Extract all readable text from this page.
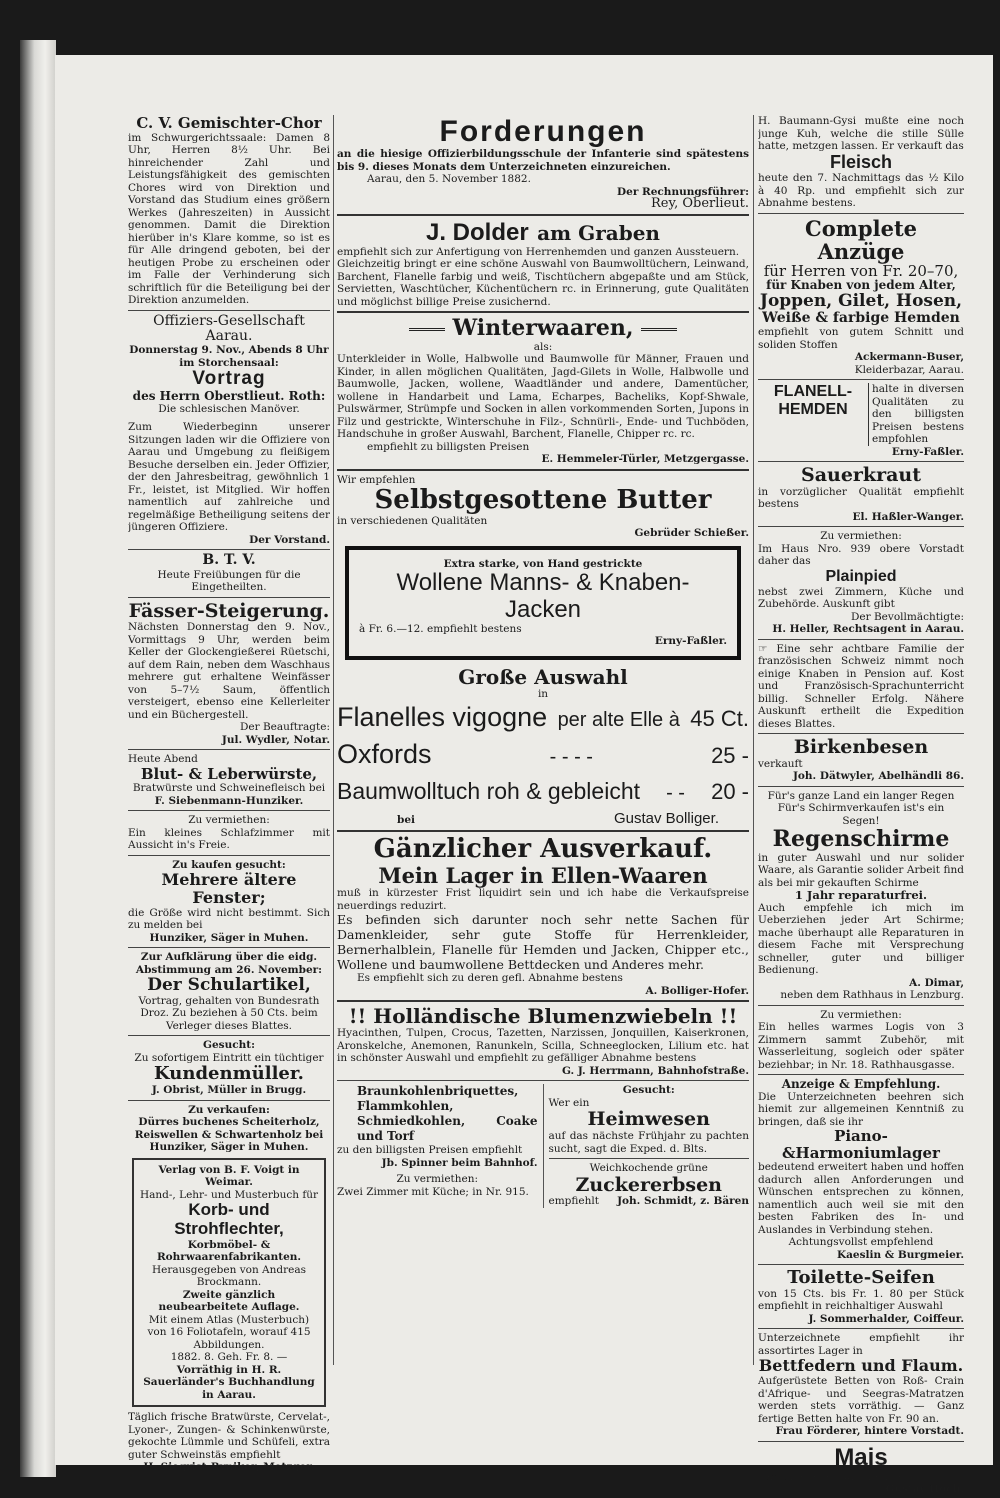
C. V. Gemischter-Chor

im Schwurgerichtssaale: Damen 8 Uhr, Herren 8½ Uhr. Bei hinreichender Zahl und Leistungsfähigkeit des gemischten Chores wird von Direktion und Vorstand das Studium eines größern Werkes (Jahreszeiten) in Aussicht genommen. Damit die Direktion hierüber in's Klare komme, so ist es für Alle dringend geboten, bei der heutigen Probe zu erscheinen oder im Falle der Verhinderung sich schriftlich für die Beteiligung bei der Direktion anzumelden.

Offiziers-Gesellschaft Aarau.

Donnerstag 9. Nov., Abends 8 Uhr im Storchensaal:

Vortrag

des Herrn Oberstlieut. Roth:

Die schlesischen Manöver.

Zum Wiederbeginn unserer Sitzungen laden wir die Offiziere von Aarau und Umgebung zu fleißigem Besuche derselben ein. Jeder Offizier, der den Jahresbeitrag, gewöhnlich 1 Fr., leistet, ist Mitglied. Wir hoffen namentlich auf zahlreiche und regelmäßige Betheiligung seitens der jüngeren Offiziere.

Der Vorstand.

B. T. V.

Heute Freiübungen für die Eingetheilten.

Fässer-Steigerung.

Nächsten Donnerstag den 9. Nov., Vormittags 9 Uhr, werden beim Keller der Glockengießerei Rüetschi, auf dem Rain, neben dem Waschhaus mehrere gut erhaltene Weinfässer von 5–7½ Saum, öffentlich versteigert, ebenso eine Kellerleiter und ein Büchergestell.

Der Beauftragte:

Jul. Wydler, Notar.

Heute Abend

Blut- & Leberwürste,

Bratwürste und Schweinefleisch bei

F. Siebenmann-Hunziker.

Zu vermiethen:

Ein kleines Schlafzimmer mit Aussicht in's Freie.

Zu kaufen gesucht:

Mehrere ältere Fenster;

die Größe wird nicht bestimmt. Sich zu melden bei

Hunziker, Säger in Muhen.

Zur Aufklärung über die eidg. Abstimmung am 26. November:

Der Schulartikel,

Vortrag, gehalten von Bundesrath Droz. Zu beziehen à 50 Cts. beim Verleger dieses Blattes.

Gesucht:

Zu sofortigem Eintritt ein tüchtiger

Kundenmüller.

J. Obrist, Müller in Brugg.

Zu verkaufen:

Dürres buchenes Scheiterholz, Reiswellen & Schwartenholz bei Hunziker, Säger in Muhen.

Verlag von B. F. Voigt in Weimar.

Hand-, Lehr- und Musterbuch für

Korb- und Strohflechter,

Korbmöbel- & Rohrwaarenfabrikanten.

Herausgegeben von Andreas Brockmann.

Zweite gänzlich neubearbeitete Auflage.

Mit einem Atlas (Musterbuch) von 16 Foliotafeln, worauf 415 Abbildungen.

1882. 8. Geh. Fr. 8. —

Vorräthig in H. R. Sauerländer's Buchhandlung in Aarau.

Täglich frische Bratwürste, Cervelat-, Lyoner-, Zungen- & Schinkenwürste, gekochte Lümmle und Schüfeli, extra guter Schweinstäs empfiehlt

H. Siegrist-Ryniker, Metzger.

Forderungen

an die hiesige Offizierbildungsschule der Infanterie sind spätestens bis 9. dieses Monats dem Unterzeichneten einzureichen.

Aarau, den 5. November 1882.

Der Rechnungsführer:

Rey, Oberlieut.

J. Dolder am Graben

empfiehlt sich zur Anfertigung von Herrenhemden und ganzen Aussteuern.

Gleichzeitig bringt er eine schöne Auswahl von Baumwolltüchern, Leinwand, Barchent, Flanelle farbig und weiß, Tischtüchern abgepaßte und am Stück, Servietten, Waschtücher, Küchentüchern rc. in Erinnerung, gute Qualitäten und möglichst billige Preise zusichernd.

Winterwaaren,

als:

Unterkleider in Wolle, Halbwolle und Baumwolle für Männer, Frauen und Kinder, in allen möglichen Qualitäten, Jagd-Gilets in Wolle, Halbwolle und Baumwolle, Jacken, wollene, Waadtländer und andere, Damentücher, wollene in Handarbeit und Lama, Echarpes, Bacheliks, Kopf-Shwale, Pulswärmer, Strümpfe und Socken in allen vorkommenden Sorten, Jupons in Filz und gestrickte, Winterschuhe in Filz-, Schnürli-, Ende- und Tuchböden, Handschuhe in großer Auswahl, Barchent, Flanelle, Chipper rc. rc.

empfiehlt zu billigsten Preisen

E. Hemmeler-Türler, Metzgergasse.

Wir empfehlen

Selbstgesottene Butter

in verschiedenen Qualitäten

Gebrüder Schießer.

Extra starke, von Hand gestrickte

Wollene Manns- & Knaben-Jacken

à Fr. 6.—12. empfiehlt bestens

Erny-Faßler.

Große Auswahl

in

Flanelles vigogne per alte Elle à 45 Ct.
Oxfords	- - - -	25 -
Baumwolltuch roh & gebleicht - - 20 -
bei	Gustav Bolliger.

Gänzlicher Ausverkauf.

Mein Lager in Ellen-Waaren

muß in kürzester Frist liquidirt sein und ich habe die Verkaufspreise neuerdings reduzirt.

Es befinden sich darunter noch sehr nette Sachen für Damenkleider, sehr gute Stoffe für Herrenkleider, Bernerhalblein, Flanelle für Hemden und Jacken, Chipper etc., Wollene und baumwollene Bettdecken und Anderes mehr.

Es empfiehlt sich zu deren gefl. Abnahme bestens

A. Bolliger-Hofer.

!! Holländische Blumenzwiebeln !!

Hyacinthen, Tulpen, Crocus, Tazetten, Narzissen, Jonquillen, Kaiserkronen, Aronskelche, Anemonen, Ranunkeln, Scilla, Schneeglocken, Lilium etc. hat in schönster Auswahl und empfiehlt zu gefälliger Abnahme bestens

G. J. Herrmann, Bahnhofstraße.

Braunkohlenbriquettes, Flammkohlen, Schmiedkohlen, Coake und Torf

zu den billigsten Preisen empfiehlt

Jb. Spinner beim Bahnhof.

Zu vermiethen:

Zwei Zimmer mit Küche; in Nr. 915.

Gesucht:

Wer ein

Heimwesen

auf das nächste Frühjahr zu pachten sucht, sagt die Exped. d. Blts.

Weichkochende grüne

Zuckererbsen

empfiehlt Joh. Schmidt, z. Bären

H. Baumann-Gysi mußte eine noch junge Kuh, welche die stille Sülle hatte, metzgen lassen. Er verkauft das

Fleisch

heute den 7. Nachmittags das ½ Kilo à 40 Rp. und empfiehlt sich zur Abnahme bestens.

Complete Anzüge

für Herren von Fr. 20–70,

für Knaben von jedem Alter,

Joppen, Gilet, Hosen,

Weiße & farbige Hemden

empfiehlt von gutem Schnitt und soliden Stoffen

Ackermann-Buser,

Kleiderbazar, Aarau.

FLANELL-

HEMDEN

halte in diversen Qualitäten zu den billigsten Preisen bestens empfohlen

Erny-Faßler.

Sauerkraut

in vorzüglicher Qualität empfiehlt bestens

El. Haßler-Wanger.

Zu vermiethen:

Im Haus Nro. 939 obere Vorstadt daher das

Plainpied

nebst zwei Zimmern, Küche und Zubehörde. Auskunft gibt

Der Bevollmächtigte:

H. Heller, Rechtsagent in Aarau.

☞ Eine sehr achtbare Familie der französischen Schweiz nimmt noch einige Knaben in Pension auf. Kost und Französisch-Sprachunterricht billig. Schneller Erfolg. Nähere Auskunft ertheilt die Expedition dieses Blattes.

Birkenbesen

verkauft

Joh. Dätwyler, Abelhändli 86.

Für's ganze Land ein langer Regen Für's Schirmverkaufen ist's ein Segen!

Regenschirme

in guter Auswahl und nur solider Waare, als Garantie solider Arbeit find als bei mir gekauften Schirme

1 Jahr reparaturfrei.

Auch empfehle ich mich im Ueberziehen jeder Art Schirme; mache überhaupt alle Reparaturen in diesem Fache mit Versprechung schneller, guter und billiger Bedienung.

A. Dimar,

neben dem Rathhaus in Lenzburg.

Zu vermiethen:

Ein helles warmes Logis von 3 Zimmern sammt Zubehör, mit Wasserleitung, sogleich oder später beziehbar; in Nr. 18. Rathhausgasse.

Anzeige & Empfehlung.

Die Unterzeichneten beehren sich hiemit zur allgemeinen Kenntniß zu bringen, daß sie ihr

Piano-&Harmoniumlager

bedeutend erweitert haben und hoffen dadurch allen Anforderungen und Wünschen entsprechen zu können, namentlich auch weil sie mit den besten Fabriken des In- und Auslandes in Verbindung stehen.

Achtungsvollst empfehlend

Kaeslin & Burgmeier.

Toilette-Seifen

von 15 Cts. bis Fr. 1. 80 per Stück empfiehlt in reichhaltiger Auswahl

J. Sommerhalder, Coiffeur.

Unterzeichnete empfiehlt ihr assortirtes Lager in

Bettfedern und Flaum.

Aufgerüstete Betten von Roß- Crain d'Afrique- und Seegras-Matratzen werden stets vorräthig. — Ganz fertige Betten halte von Fr. 90 an.

Frau Förderer, hintere Vorstadt.

Mais

verschiedene Qualitäten bei

Gustav Hoch.
